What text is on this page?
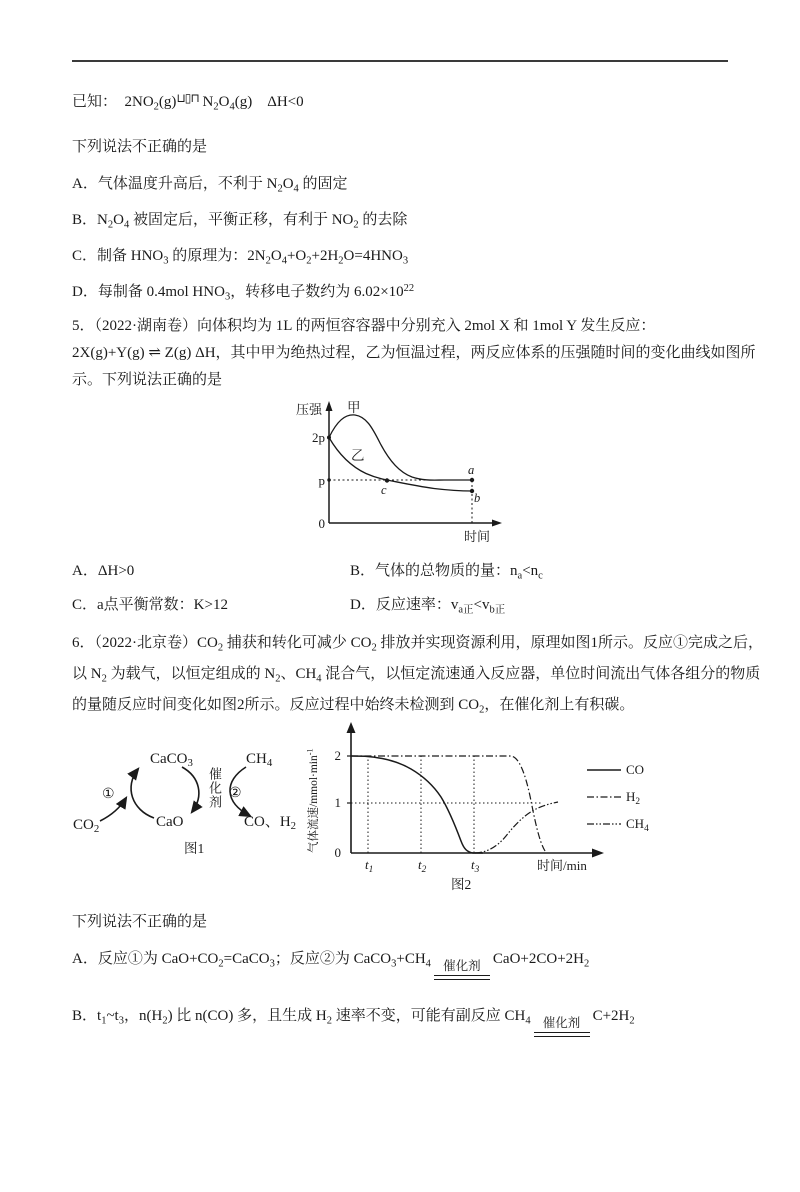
已知：  $2NO_2(g)^{⊔▯⊓}$ $N_2O_4(g)$　ΔH<0

下列说法不正确的是

A．气体温度升高后，不利于 $N_2O_4$ 的固定
B．$N_2O_4$ 被固定后，平衡正移，有利于 $NO_2$ 的去除
C．制备 $HNO_3$ 的原理为：$2N_2O_4+O_2+2H_2O=4HNO_3$
D．每制备 0.4mol $HNO_3$，转移电子数约为 $6.02\times 10^{22}$

5．（2022·湖南卷）向体积均为 1L 的两恒容容器中分别充入 2mol X 和 1mol Y 发生反应：

2X(g)+Y(g) ⇌ Z(g) ΔH，其中甲为绝热过程，乙为恒温过程，两反应体系的压强随时间的变化曲线如图所

示。下列说法正确的是

压强
时间
2p
p
0
甲
乙
a
b
c
A．ΔH>0	B．气体的总物质的量：$n_a<n_c$
C．a点平衡常数：K>12	D．反应速率：$v_{a正}<v_{b正}$

6．（2022·北京卷）$CO_2$ 捕获和转化可减少 $CO_2$ 排放并实现资源利用，原理如图1所示。反应①完成之后，

以 $N_2$ 为载气，以恒定组成的 $N_2$、$CH_4$ 混合气，以恒定流速通入反应器，单位时间流出气体各组分的物质

的量随反应时间变化如图2所示。反应过程中始终未检测到 $CO_2$，在催化剂上有积碳。

CaCO$_3$	$CH_4$
$CO_2$	CaO	CO、$H_2$
①	②
图1
催化剂	气体流速$/mmol\cdot\min^{-1}$	2
1
0
$t_1$	$t_2$	$t_3$	时间/min
图2
CO
$H_2$
$CH_4$

下列说法不正确的是

A．反应①为 $CaO+CO_2=CaCO_3$；反应②为 $CaCO_3+CH_4$ 催化剂 $CaO+2CO+2H_2$
B．$t_1\sim t_3$，$n(H_2)$ 比 n(CO) 多，且生成 $H_2$ 速率不变，可能有副反应 $CH_4$ 催化剂 $C+2H_2$
